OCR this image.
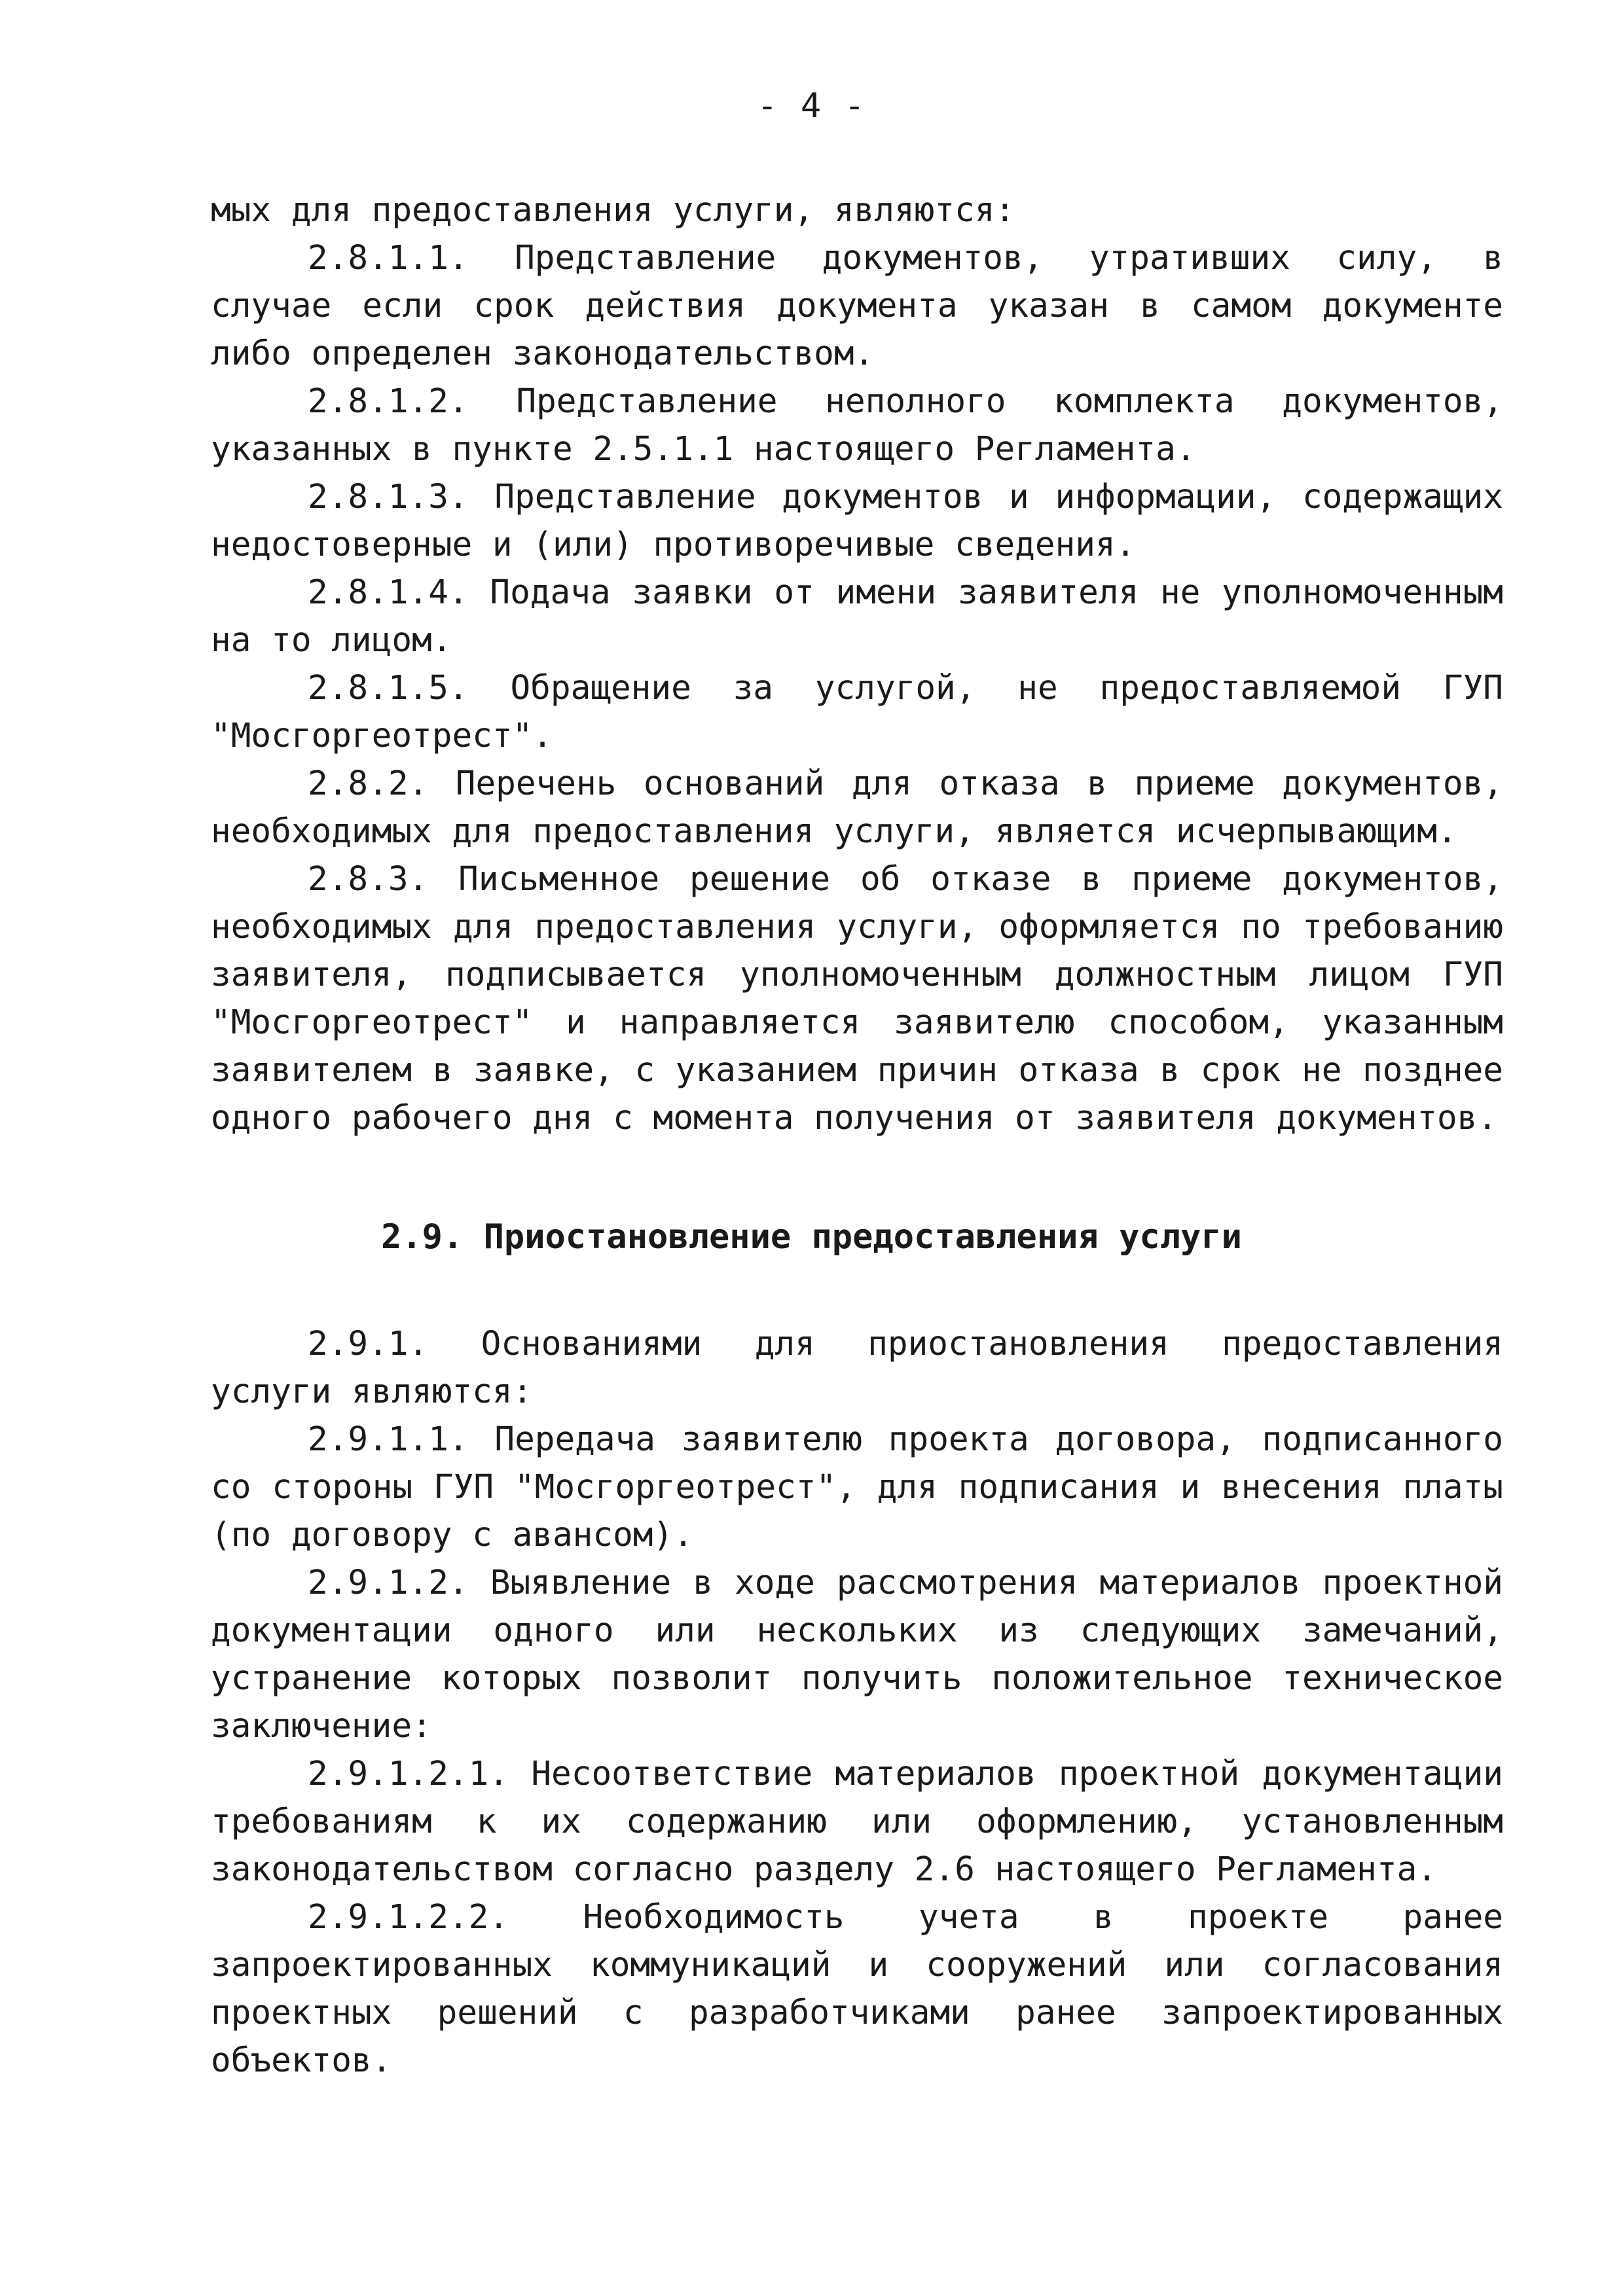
- 4 -

мых для предоставления услуги, являются:

2.8.1.1. Представление документов, утративших силу, в случае если срок действия документа указан в самом документе либо определен законодательством.

2.8.1.2. Представление неполного комплекта документов, указанных в пункте 2.5.1.1 настоящего Регламента.

2.8.1.3. Представление документов и информации, содержащих недостоверные и (или) противоречивые сведения.

2.8.1.4. Подача заявки от имени заявителя не уполномоченным на то лицом.

2.8.1.5. Обращение за услугой, не предоставляемой ГУП "Мосгоргеотрест".

2.8.2. Перечень оснований для отказа в приеме документов, необходимых для предоставления услуги, является исчерпывающим.

2.8.3. Письменное решение об отказе в приеме документов, необходимых для предоставления услуги, оформляется по требованию заявителя, подписывается уполномоченным должностным лицом ГУП "Мосгоргеотрест" и направляется заявителю способом, указанным заявителем в заявке, с указанием причин отказа в срок не позднее одного рабочего дня с момента получения от заявителя документов.

2.9. Приостановление предоставления услуги

2.9.1. Основаниями для приостановления предоставления услуги являются:

2.9.1.1. Передача заявителю проекта договора, подписанного со стороны ГУП "Мосгоргеотрест", для подписания и внесения платы (по договору с авансом).

2.9.1.2. Выявление в ходе рассмотрения материалов проектной документации одного или нескольких из следующих замечаний, устранение которых позволит получить положительное техническое заключение:

2.9.1.2.1. Несоответствие материалов проектной документации требованиям к их содержанию или оформлению, установленным законодательством согласно разделу 2.6 настоящего Регламента.

2.9.1.2.2. Необходимость учета в проекте ранее запроектированных коммуникаций и сооружений или согласования проектных решений с разработчиками ранее запроектированных объектов.
